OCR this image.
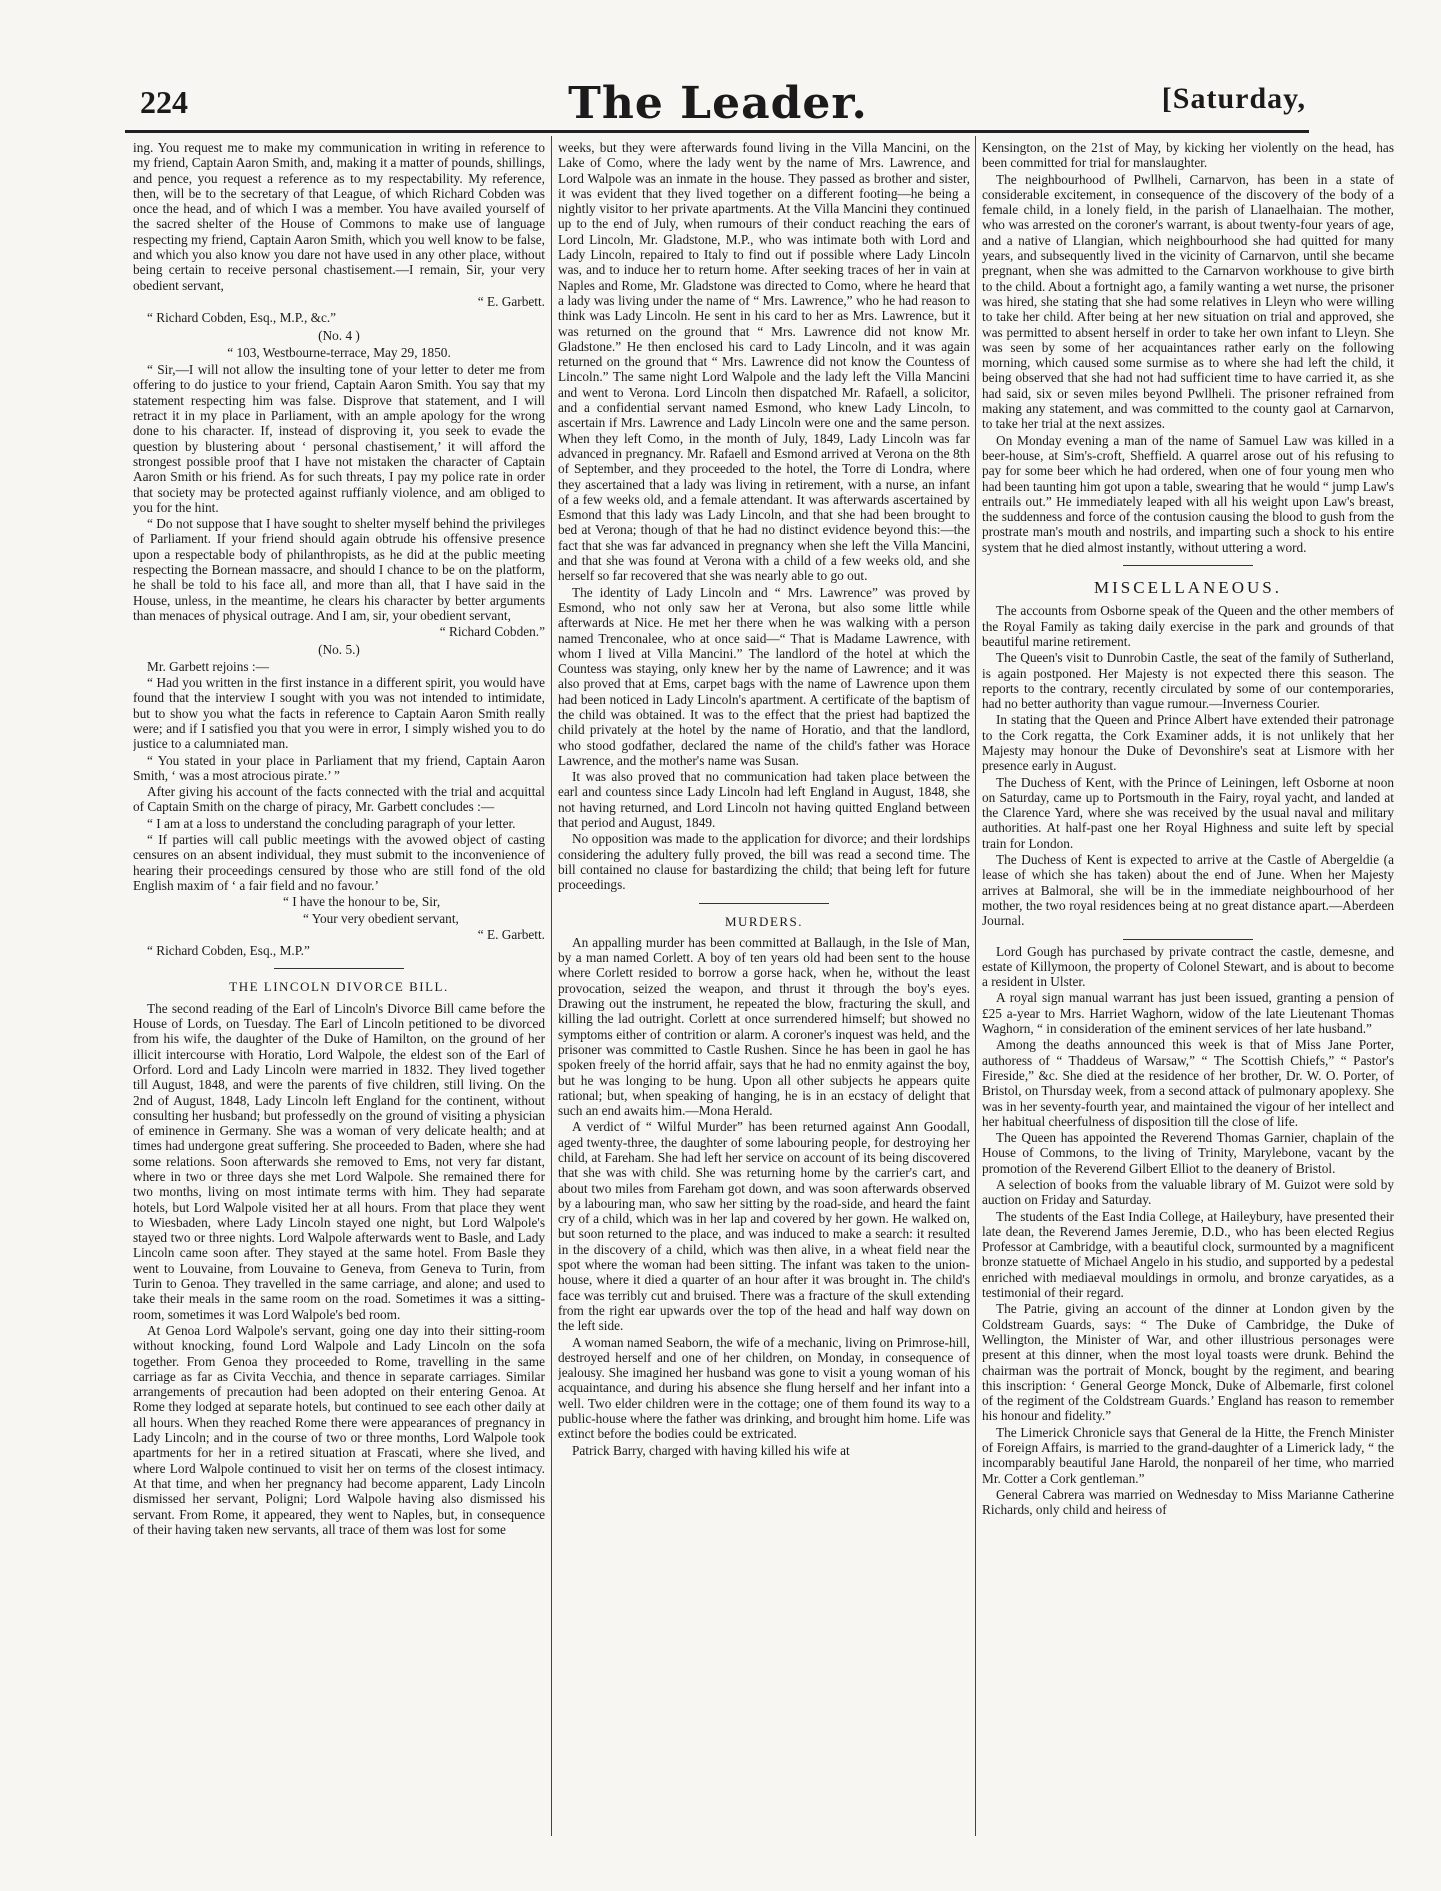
224	The Leader.	[Saturday,

ing. You request me to make my communication in writing in reference to my friend, Captain Aaron Smith, and, making it a matter of pounds, shillings, and pence, you request a reference as to my respectability. My reference, then, will be to the secretary of that League, of which Richard Cobden was once the head, and of which I was a member. You have availed yourself of the sacred shelter of the House of Commons to make use of language respecting my friend, Captain Aaron Smith, which you well know to be false, and which you also know you dare not have used in any other place, without being certain to receive personal chastisement.—I remain, Sir, your very obedient servant,

“ E. Garbett.

“ Richard Cobden, Esq., M.P., &c.”

(No. 4 )

“ 103, Westbourne-terrace, May 29, 1850.

“ Sir,—I will not allow the insulting tone of your letter to deter me from offering to do justice to your friend, Captain Aaron Smith. You say that my statement respecting him was false. Disprove that statement, and I will retract it in my place in Parliament, with an ample apology for the wrong done to his character. If, instead of disproving it, you seek to evade the question by blustering about ‘ personal chastisement,’ it will afford the strongest possible proof that I have not mistaken the character of Captain Aaron Smith or his friend. As for such threats, I pay my police rate in order that society may be protected against ruffianly violence, and am obliged to you for the hint.

“ Do not suppose that I have sought to shelter myself behind the privileges of Parliament. If your friend should again obtrude his offensive presence upon a respectable body of philanthropists, as he did at the public meeting respecting the Bornean massacre, and should I chance to be on the platform, he shall be told to his face all, and more than all, that I have said in the House, unless, in the meantime, he clears his character by better arguments than menaces of physical outrage. And I am, sir, your obedient servant,

“ Richard Cobden.”

(No. 5.)

Mr. Garbett rejoins :—

“ Had you written in the first instance in a different spirit, you would have found that the interview I sought with you was not intended to intimidate, but to show you what the facts in reference to Captain Aaron Smith really were; and if I satisfied you that you were in error, I simply wished you to do justice to a calumniated man.

“ You stated in your place in Parliament that my friend, Captain Aaron Smith, ‘ was a most atrocious pirate.’ ”

After giving his account of the facts connected with the trial and acquittal of Captain Smith on the charge of piracy, Mr. Garbett concludes :—

“ I am at a loss to understand the concluding paragraph of your letter.

“ If parties will call public meetings with the avowed object of casting censures on an absent individual, they must submit to the inconvenience of hearing their proceedings censured by those who are still fond of the old English maxim of ‘ a fair field and no favour.’

“ I have the honour to be, Sir,

“ Your very obedient servant,

“ E. Garbett.

“ Richard Cobden, Esq., M.P.”

THE LINCOLN DIVORCE BILL.

The second reading of the Earl of Lincoln's Divorce Bill came before the House of Lords, on Tuesday. The Earl of Lincoln petitioned to be divorced from his wife, the daughter of the Duke of Hamilton, on the ground of her illicit intercourse with Horatio, Lord Walpole, the eldest son of the Earl of Orford. Lord and Lady Lincoln were married in 1832. They lived together till August, 1848, and were the parents of five children, still living. On the 2nd of August, 1848, Lady Lincoln left England for the continent, without consulting her husband; but professedly on the ground of visiting a physician of eminence in Germany. She was a woman of very delicate health; and at times had undergone great suffering. She proceeded to Baden, where she had some relations. Soon afterwards she removed to Ems, not very far distant, where in two or three days she met Lord Walpole. She remained there for two months, living on most intimate terms with him. They had separate hotels, but Lord Walpole visited her at all hours. From that place they went to Wiesbaden, where Lady Lincoln stayed one night, but Lord Walpole's stayed two or three nights. Lord Walpole afterwards went to Basle, and Lady Lincoln came soon after. They stayed at the same hotel. From Basle they went to Louvaine, from Louvaine to Geneva, from Geneva to Turin, from Turin to Genoa. They travelled in the same carriage, and alone; and used to take their meals in the same room on the road. Sometimes it was a sitting-room, sometimes it was Lord Walpole's bed room.

At Genoa Lord Walpole's servant, going one day into their sitting-room without knocking, found Lord Walpole and Lady Lincoln on the sofa together. From Genoa they proceeded to Rome, travelling in the same carriage as far as Civita Vecchia, and thence in separate carriages. Similar arrangements of precaution had been adopted on their entering Genoa. At Rome they lodged at separate hotels, but continued to see each other daily at all hours. When they reached Rome there were appearances of pregnancy in Lady Lincoln; and in the course of two or three months, Lord Walpole took apartments for her in a retired situation at Frascati, where she lived, and where Lord Walpole continued to visit her on terms of the closest intimacy. At that time, and when her pregnancy had become apparent, Lady Lincoln dismissed her servant, Poligni; Lord Walpole having also dismissed his servant. From Rome, it appeared, they went to Naples, but, in consequence of their having taken new servants, all trace of them was lost for some

weeks, but they were afterwards found living in the Villa Mancini, on the Lake of Como, where the lady went by the name of Mrs. Lawrence, and Lord Walpole was an inmate in the house. They passed as brother and sister, it was evident that they lived together on a different footing—he being a nightly visitor to her private apartments. At the Villa Mancini they continued up to the end of July, when rumours of their conduct reaching the ears of Lord Lincoln, Mr. Gladstone, M.P., who was intimate both with Lord and Lady Lincoln, repaired to Italy to find out if possible where Lady Lincoln was, and to induce her to return home. After seeking traces of her in vain at Naples and Rome, Mr. Gladstone was directed to Como, where he heard that a lady was living under the name of “ Mrs. Lawrence,” who he had reason to think was Lady Lincoln. He sent in his card to her as Mrs. Lawrence, but it was returned on the ground that “ Mrs. Lawrence did not know Mr. Gladstone.” He then enclosed his card to Lady Lincoln, and it was again returned on the ground that “ Mrs. Lawrence did not know the Countess of Lincoln.” The same night Lord Walpole and the lady left the Villa Mancini and went to Verona. Lord Lincoln then dispatched Mr. Rafaell, a solicitor, and a confidential servant named Esmond, who knew Lady Lincoln, to ascertain if Mrs. Lawrence and Lady Lincoln were one and the same person. When they left Como, in the month of July, 1849, Lady Lincoln was far advanced in pregnancy. Mr. Rafaell and Esmond arrived at Verona on the 8th of September, and they proceeded to the hotel, the Torre di Londra, where they ascertained that a lady was living in retirement, with a nurse, an infant of a few weeks old, and a female attendant. It was afterwards ascertained by Esmond that this lady was Lady Lincoln, and that she had been brought to bed at Verona; though of that he had no distinct evidence beyond this:—the fact that she was far advanced in pregnancy when she left the Villa Mancini, and that she was found at Verona with a child of a few weeks old, and she herself so far recovered that she was nearly able to go out.

The identity of Lady Lincoln and “ Mrs. Lawrence” was proved by Esmond, who not only saw her at Verona, but also some little while afterwards at Nice. He met her there when he was walking with a person named Trenconalee, who at once said—“ That is Madame Lawrence, with whom I lived at Villa Mancini.” The landlord of the hotel at which the Countess was staying, only knew her by the name of Lawrence; and it was also proved that at Ems, carpet bags with the name of Lawrence upon them had been noticed in Lady Lincoln's apartment. A certificate of the baptism of the child was obtained. It was to the effect that the priest had baptized the child privately at the hotel by the name of Horatio, and that the landlord, who stood godfather, declared the name of the child's father was Horace Lawrence, and the mother's name was Susan.

It was also proved that no communication had taken place between the earl and countess since Lady Lincoln had left England in August, 1848, she not having returned, and Lord Lincoln not having quitted England between that period and August, 1849.

No opposition was made to the application for divorce; and their lordships considering the adultery fully proved, the bill was read a second time. The bill contained no clause for bastardizing the child; that being left for future proceedings.

MURDERS.

An appalling murder has been committed at Ballaugh, in the Isle of Man, by a man named Corlett. A boy of ten years old had been sent to the house where Corlett resided to borrow a gorse hack, when he, without the least provocation, seized the weapon, and thrust it through the boy's eyes. Drawing out the instrument, he repeated the blow, fracturing the skull, and killing the lad outright. Corlett at once surrendered himself; but showed no symptoms either of contrition or alarm. A coroner's inquest was held, and the prisoner was committed to Castle Rushen. Since he has been in gaol he has spoken freely of the horrid affair, says that he had no enmity against the boy, but he was longing to be hung. Upon all other subjects he appears quite rational; but, when speaking of hanging, he is in an ecstacy of delight that such an end awaits him.—Mona Herald.

A verdict of “ Wilful Murder” has been returned against Ann Goodall, aged twenty-three, the daughter of some labouring people, for destroying her child, at Fareham. She had left her service on account of its being discovered that she was with child. She was returning home by the carrier's cart, and about two miles from Fareham got down, and was soon afterwards observed by a labouring man, who saw her sitting by the road-side, and heard the faint cry of a child, which was in her lap and covered by her gown. He walked on, but soon returned to the place, and was induced to make a search: it resulted in the discovery of a child, which was then alive, in a wheat field near the spot where the woman had been sitting. The infant was taken to the union-house, where it died a quarter of an hour after it was brought in. The child's face was terribly cut and bruised. There was a fracture of the skull extending from the right ear upwards over the top of the head and half way down on the left side.

A woman named Seaborn, the wife of a mechanic, living on Primrose-hill, destroyed herself and one of her children, on Monday, in consequence of jealousy. She imagined her husband was gone to visit a young woman of his acquaintance, and during his absence she flung herself and her infant into a well. Two elder children were in the cottage; one of them found its way to a public-house where the father was drinking, and brought him home. Life was extinct before the bodies could be extricated.

Patrick Barry, charged with having killed his wife at

Kensington, on the 21st of May, by kicking her violently on the head, has been committed for trial for manslaughter.

The neighbourhood of Pwllheli, Carnarvon, has been in a state of considerable excitement, in consequence of the discovery of the body of a female child, in a lonely field, in the parish of Llanaelhaian. The mother, who was arrested on the coroner's warrant, is about twenty-four years of age, and a native of Llangian, which neighbourhood she had quitted for many years, and subsequently lived in the vicinity of Carnarvon, until she became pregnant, when she was admitted to the Carnarvon workhouse to give birth to the child. About a fortnight ago, a family wanting a wet nurse, the prisoner was hired, she stating that she had some relatives in Lleyn who were willing to take her child. After being at her new situation on trial and approved, she was permitted to absent herself in order to take her own infant to Lleyn. She was seen by some of her acquaintances rather early on the following morning, which caused some surmise as to where she had left the child, it being observed that she had not had sufficient time to have carried it, as she had said, six or seven miles beyond Pwllheli. The prisoner refrained from making any statement, and was committed to the county gaol at Carnarvon, to take her trial at the next assizes.

On Monday evening a man of the name of Samuel Law was killed in a beer-house, at Sim's-croft, Sheffield. A quarrel arose out of his refusing to pay for some beer which he had ordered, when one of four young men who had been taunting him got upon a table, swearing that he would “ jump Law's entrails out.” He immediately leaped with all his weight upon Law's breast, the suddenness and force of the contusion causing the blood to gush from the prostrate man's mouth and nostrils, and imparting such a shock to his entire system that he died almost instantly, without uttering a word.

MISCELLANEOUS.

The accounts from Osborne speak of the Queen and the other members of the Royal Family as taking daily exercise in the park and grounds of that beautiful marine retirement.

The Queen's visit to Dunrobin Castle, the seat of the family of Sutherland, is again postponed. Her Majesty is not expected there this season. The reports to the contrary, recently circulated by some of our contemporaries, had no better authority than vague rumour.—Inverness Courier.

In stating that the Queen and Prince Albert have extended their patronage to the Cork regatta, the Cork Examiner adds, it is not unlikely that her Majesty may honour the Duke of Devonshire's seat at Lismore with her presence early in August.

The Duchess of Kent, with the Prince of Leiningen, left Osborne at noon on Saturday, came up to Portsmouth in the Fairy, royal yacht, and landed at the Clarence Yard, where she was received by the usual naval and military authorities. At half-past one her Royal Highness and suite left by special train for London.

The Duchess of Kent is expected to arrive at the Castle of Abergeldie (a lease of which she has taken) about the end of June. When her Majesty arrives at Balmoral, she will be in the immediate neighbourhood of her mother, the two royal residences being at no great distance apart.—Aberdeen Journal.

Lord Gough has purchased by private contract the castle, demesne, and estate of Killymoon, the property of Colonel Stewart, and is about to become a resident in Ulster.

A royal sign manual warrant has just been issued, granting a pension of £25 a-year to Mrs. Harriet Waghorn, widow of the late Lieutenant Thomas Waghorn, “ in consideration of the eminent services of her late husband.”

Among the deaths announced this week is that of Miss Jane Porter, authoress of “ Thaddeus of Warsaw,” “ The Scottish Chiefs,” “ Pastor's Fireside,” &c. She died at the residence of her brother, Dr. W. O. Porter, of Bristol, on Thursday week, from a second attack of pulmonary apoplexy. She was in her seventy-fourth year, and maintained the vigour of her intellect and her habitual cheerfulness of disposition till the close of life.

The Queen has appointed the Reverend Thomas Garnier, chaplain of the House of Commons, to the living of Trinity, Marylebone, vacant by the promotion of the Reverend Gilbert Elliot to the deanery of Bristol.

A selection of books from the valuable library of M. Guizot were sold by auction on Friday and Saturday.

The students of the East India College, at Haileybury, have presented their late dean, the Reverend James Jeremie, D.D., who has been elected Regius Professor at Cambridge, with a beautiful clock, surmounted by a magnificent bronze statuette of Michael Angelo in his studio, and supported by a pedestal enriched with mediaeval mouldings in ormolu, and bronze caryatides, as a testimonial of their regard.

The Patrie, giving an account of the dinner at London given by the Coldstream Guards, says: “ The Duke of Cambridge, the Duke of Wellington, the Minister of War, and other illustrious personages were present at this dinner, when the most loyal toasts were drunk. Behind the chairman was the portrait of Monck, bought by the regiment, and bearing this inscription: ‘ General George Monck, Duke of Albemarle, first colonel of the regiment of the Coldstream Guards.’ England has reason to remember his honour and fidelity.”

The Limerick Chronicle says that General de la Hitte, the French Minister of Foreign Affairs, is married to the grand-daughter of a Limerick lady, “ the incomparably beautiful Jane Harold, the nonpareil of her time, who married Mr. Cotter a Cork gentleman.”

General Cabrera was married on Wednesday to Miss Marianne Catherine Richards, only child and heiress of
